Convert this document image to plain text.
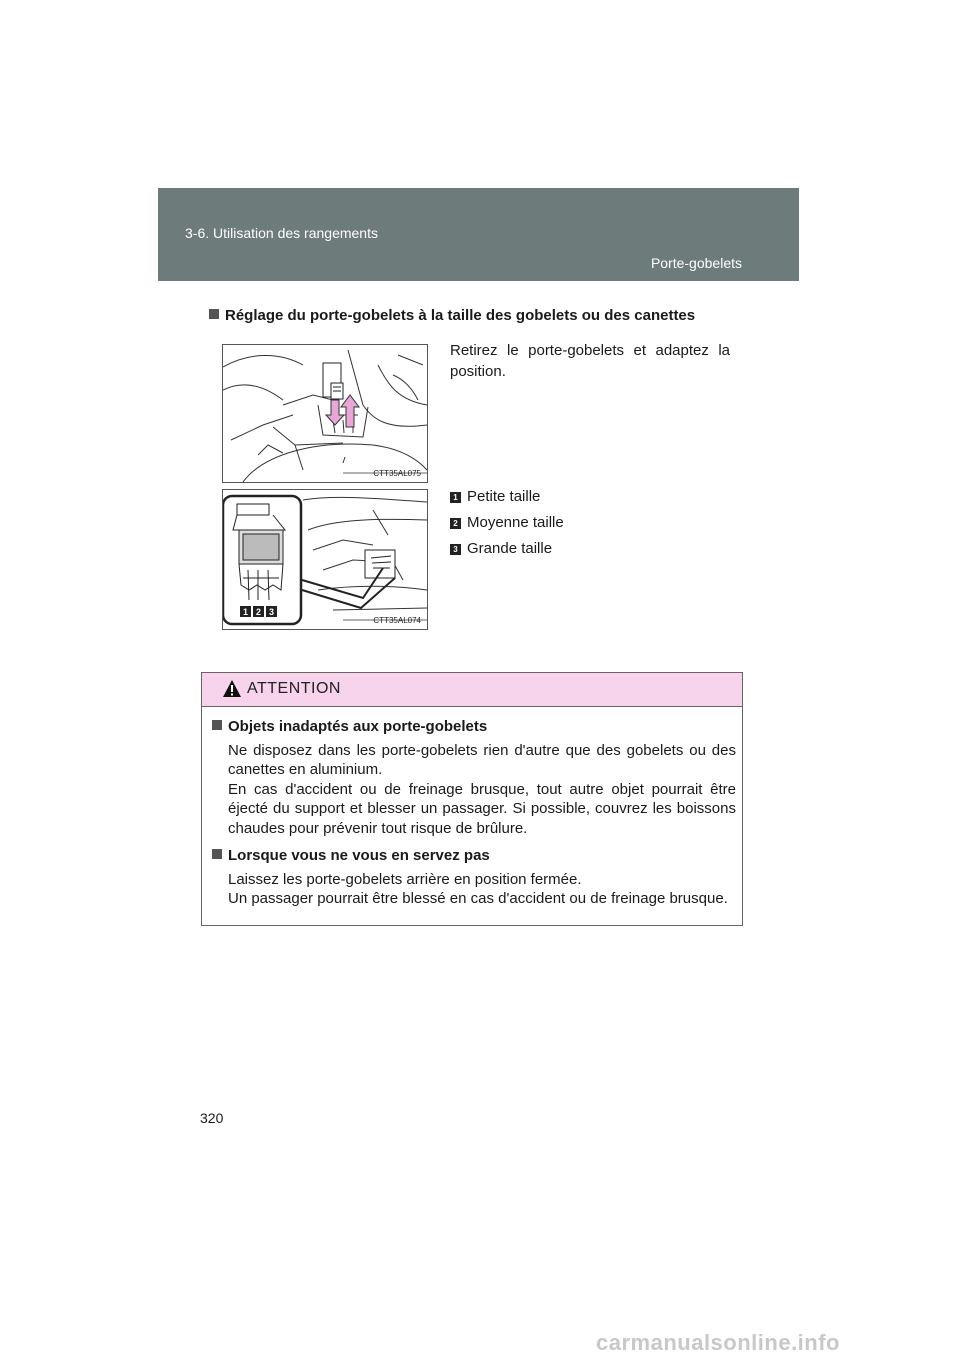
3-6. Utilisation des rangements
Porte-gobelets
Réglage du porte-gobelets à la taille des gobelets ou des canettes
CTT35AL075
1 2 3
CTT35AL074
Retirez le porte-gobelets et adaptez la position.
1 Petite taille
2 Moyenne taille
3 Grande taille
ATTENTION
Objets inadaptés aux porte-gobelets

Ne disposez dans les porte-gobelets rien d'autre que des gobelets ou des canettes en aluminium.

En cas d'accident ou de freinage brusque, tout autre objet pourrait être éjecté du support et blesser un passager. Si possible, couvrez les boissons chaudes pour prévenir tout risque de brûlure.

Lorsque vous ne vous en servez pas

Laissez les porte-gobelets arrière en position fermée.

Un passager pourrait être blessé en cas d'accident ou de freinage brusque.

320
carmanualsonline.info
